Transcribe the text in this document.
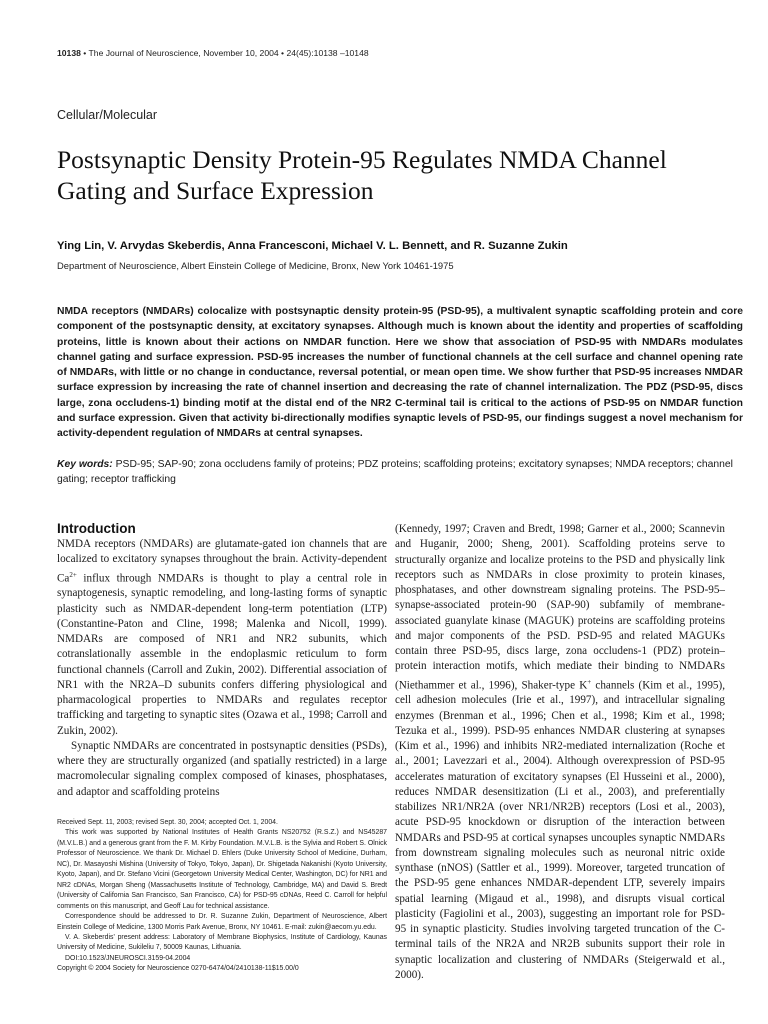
10138 • The Journal of Neuroscience, November 10, 2004 • 24(45):10138 –10148
Cellular/Molecular
Postsynaptic Density Protein-95 Regulates NMDA Channel Gating and Surface Expression
Ying Lin, V. Arvydas Skeberdis, Anna Francesconi, Michael V. L. Bennett, and R. Suzanne Zukin
Department of Neuroscience, Albert Einstein College of Medicine, Bronx, New York 10461-1975

NMDA receptors (NMDARs) colocalize with postsynaptic density protein-95 (PSD-95), a multivalent synaptic scaffolding protein and core component of the postsynaptic density, at excitatory synapses. Although much is known about the identity and properties of scaffolding proteins, little is known about their actions on NMDAR function. Here we show that association of PSD-95 with NMDARs modulates channel gating and surface expression. PSD-95 increases the number of functional channels at the cell surface and channel opening rate of NMDARs, with little or no change in conductance, reversal potential, or mean open time. We show further that PSD-95 increases NMDAR surface expression by increasing the rate of channel insertion and decreasing the rate of channel internalization. The PDZ (PSD-95, discs large, zona occludens-1) binding motif at the distal end of the NR2 C-terminal tail is critical to the actions of PSD-95 on NMDAR function and surface expression. Given that activity bi-directionally modifies synaptic levels of PSD-95, our findings suggest a novel mechanism for activity-dependent regulation of NMDARs at central synapses.

Key words: PSD-95; SAP-90; zona occludens family of proteins; PDZ proteins; scaffolding proteins; excitatory synapses; NMDA receptors; channel gating; receptor trafficking

Introduction

NMDA receptors (NMDARs) are glutamate-gated ion channels that are localized to excitatory synapses throughout the brain. Activity-dependent $Ca^{2+}$ influx through NMDARs is thought to play a central role in synaptogenesis, synaptic remodeling, and long-lasting forms of synaptic plasticity such as NMDAR-dependent long-term potentiation (LTP) (Constantine-Paton and Cline, 1998; Malenka and Nicoll, 1999). NMDARs are composed of NR1 and NR2 subunits, which cotranslationally assemble in the endoplasmic reticulum to form functional channels (Carroll and Zukin, 2002). Differential association of NR1 with the NR2A–D subunits confers differing physiological and pharmacological properties to NMDARs and regulates receptor trafficking and targeting to synaptic sites (Ozawa et al., 1998; Carroll and Zukin, 2002).

Synaptic NMDARs are concentrated in postsynaptic densities (PSDs), where they are structurally organized (and spatially restricted) in a large macromolecular signaling complex composed of kinases, phosphatases, and adaptor and scaffolding proteins

(Kennedy, 1997; Craven and Bredt, 1998; Garner et al., 2000; Scannevin and Huganir, 2000; Sheng, 2001). Scaffolding proteins serve to structurally organize and localize proteins to the PSD and physically link receptors such as NMDARs in close proximity to protein kinases, phosphatases, and other downstream signaling proteins. The PSD-95–synapse-associated protein-90 (SAP-90) subfamily of membrane-associated guanylate kinase (MAGUK) proteins are scaffolding proteins and major components of the PSD. PSD-95 and related MAGUKs contain three PSD-95, discs large, zona occludens-1 (PDZ) protein–protein interaction motifs, which mediate their binding to NMDARs (Niethammer et al., 1996), Shaker-type K+ channels (Kim et al., 1995), cell adhesion molecules (Irie et al., 1997), and intracellular signaling enzymes (Brenman et al., 1996; Chen et al., 1998; Kim et al., 1998; Tezuka et al., 1999). PSD-95 enhances NMDAR clustering at synapses (Kim et al., 1996) and inhibits NR2-mediated internalization (Roche et al., 2001; Lavezzari et al., 2004). Although overexpression of PSD-95 accelerates maturation of excitatory synapses (El Husseini et al., 2000), reduces NMDAR desensitization (Li et al., 2003), and preferentially stabilizes NR1/NR2A (over NR1/NR2B) receptors (Losi et al., 2003), acute PSD-95 knockdown or disruption of the interaction between NMDARs and PSD-95 at cortical synapses uncouples synaptic NMDARs from downstream signaling molecules such as neuronal nitric oxide synthase (nNOS) (Sattler et al., 1999). Moreover, targeted truncation of the PSD-95 gene enhances NMDAR-dependent LTP, severely impairs spatial learning (Migaud et al., 1998), and disrupts visual cortical plasticity (Fagiolini et al., 2003), suggesting an important role for PSD-95 in synaptic plasticity. Studies involving targeted truncation of the C-terminal tails of the NR2A and NR2B subunits support their role in synaptic localization and clustering of NMDARs (Steigerwald et al., 2000).

Received Sept. 11, 2003; revised Sept. 30, 2004; accepted Oct. 1, 2004.

This work was supported by National Institutes of Health Grants NS20752 (R.S.Z.) and NS45287 (M.V.L.B.) and a generous grant from the F. M. Kirby Foundation. M.V.L.B. is the Sylvia and Robert S. Olnick Professor of Neuroscience. We thank Dr. Michael D. Ehlers (Duke University School of Medicine, Durham, NC), Dr. Masayoshi Mishina (University of Tokyo, Tokyo, Japan), Dr. Shigetada Nakanishi (Kyoto University, Kyoto, Japan), and Dr. Stefano Vicini (Georgetown University Medical Center, Washington, DC) for NR1 and NR2 cDNAs, Morgan Sheng (Massachusetts Institute of Technology, Cambridge, MA) and David S. Bredt (University of California San Francisco, San Francisco, CA) for PSD-95 cDNAs, Reed C. Carroll for helpful comments on this manuscript, and Geoff Lau for technical assistance.

Correspondence should be addressed to Dr. R. Suzanne Zukin, Department of Neuroscience, Albert Einstein College of Medicine, 1300 Morris Park Avenue, Bronx, NY 10461. E-mail: zukin@aecom.yu.edu.

V. A. Skeberdis’ present address: Laboratory of Membrane Biophysics, Institute of Cardiology, Kaunas University of Medicine, Sukileliu 7, 50009 Kaunas, Lithuania.

DOI:10.1523/JNEUROSCI.3159-04.2004

Copyright © 2004 Society for Neuroscience 0270-6474/04/2410138-11$15.00/0
